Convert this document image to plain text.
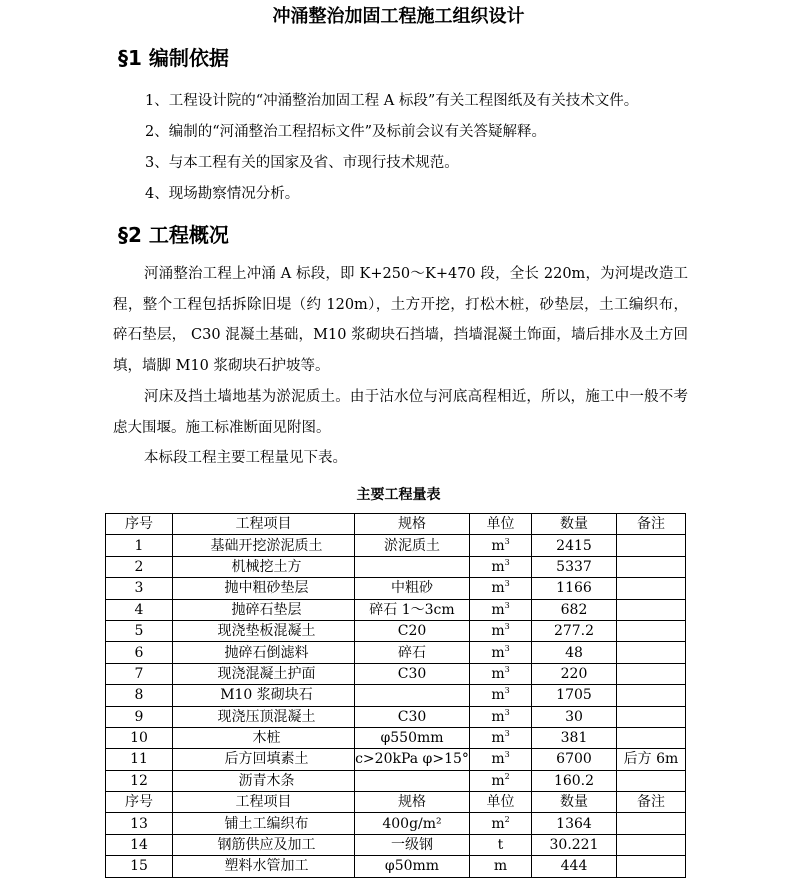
冲涌整治加固工程施工组织设计
§1 编制依据
1、工程设计院的“冲涌整治加固工程 A 标段”有关工程图纸及有关技术文件。
2、编制的“河涌整治工程招标文件”及标前会议有关答疑解释。
3、与本工程有关的国家及省、市现行技术规范。
4、现场勘察情况分析。
§2 工程概况

河涌整治工程上冲涌 A 标段，即 K+250～K+470 段，全长 220m，为河堤改造工程，整个工程包括拆除旧堤（约 120m），土方开挖，打松木桩，砂垫层，土工编织布，碎石垫层， C30 混凝土基础，M10 浆砌块石挡墙，挡墙混凝土饰面，墙后排水及土方回填，墙脚 M10 浆砌块石护坡等。

河床及挡土墙地基为淤泥质土。由于沽水位与河底高程相近，所以，施工中一般不考虑大围堰。施工标准断面见附图。

本标段工程主要工程量见下表。

主要工程量表
序号	工程项目	规格	单位	数量	备注
1	基础开挖淤泥质土	淤泥质土	$m^3$	2415	
2	机械挖土方		$m^3$	5337	
3	抛中粗砂垫层	中粗砂	$m^3$	1166	
4	抛碎石垫层	碎石 1～3cm	$m^3$	682	
5	现浇垫板混凝土	C20	$m^3$	277.2	
6	抛碎石倒滤料	碎石	$m^3$	48	
7	现浇混凝土护面	C30	$m^3$	220	
8	M10 浆砌块石		$m^3$	1705	
9	现浇压顶混凝土	C30	$m^3$	30	
10	木桩	φ550mm	$m^3$	381	
11	后方回填素土	c>20kPa φ>15°	$m^3$	6700	后方 6m
12	沥青木条		$m^2$	160.2	
序号	工程项目	规格	单位	数量	备注
13	铺土工编织布	400g/m²	$m^2$	1364	
14	钢筋供应及加工	一级钢	t	30.221	
15	塑料水管加工	φ50mm	m	444	
